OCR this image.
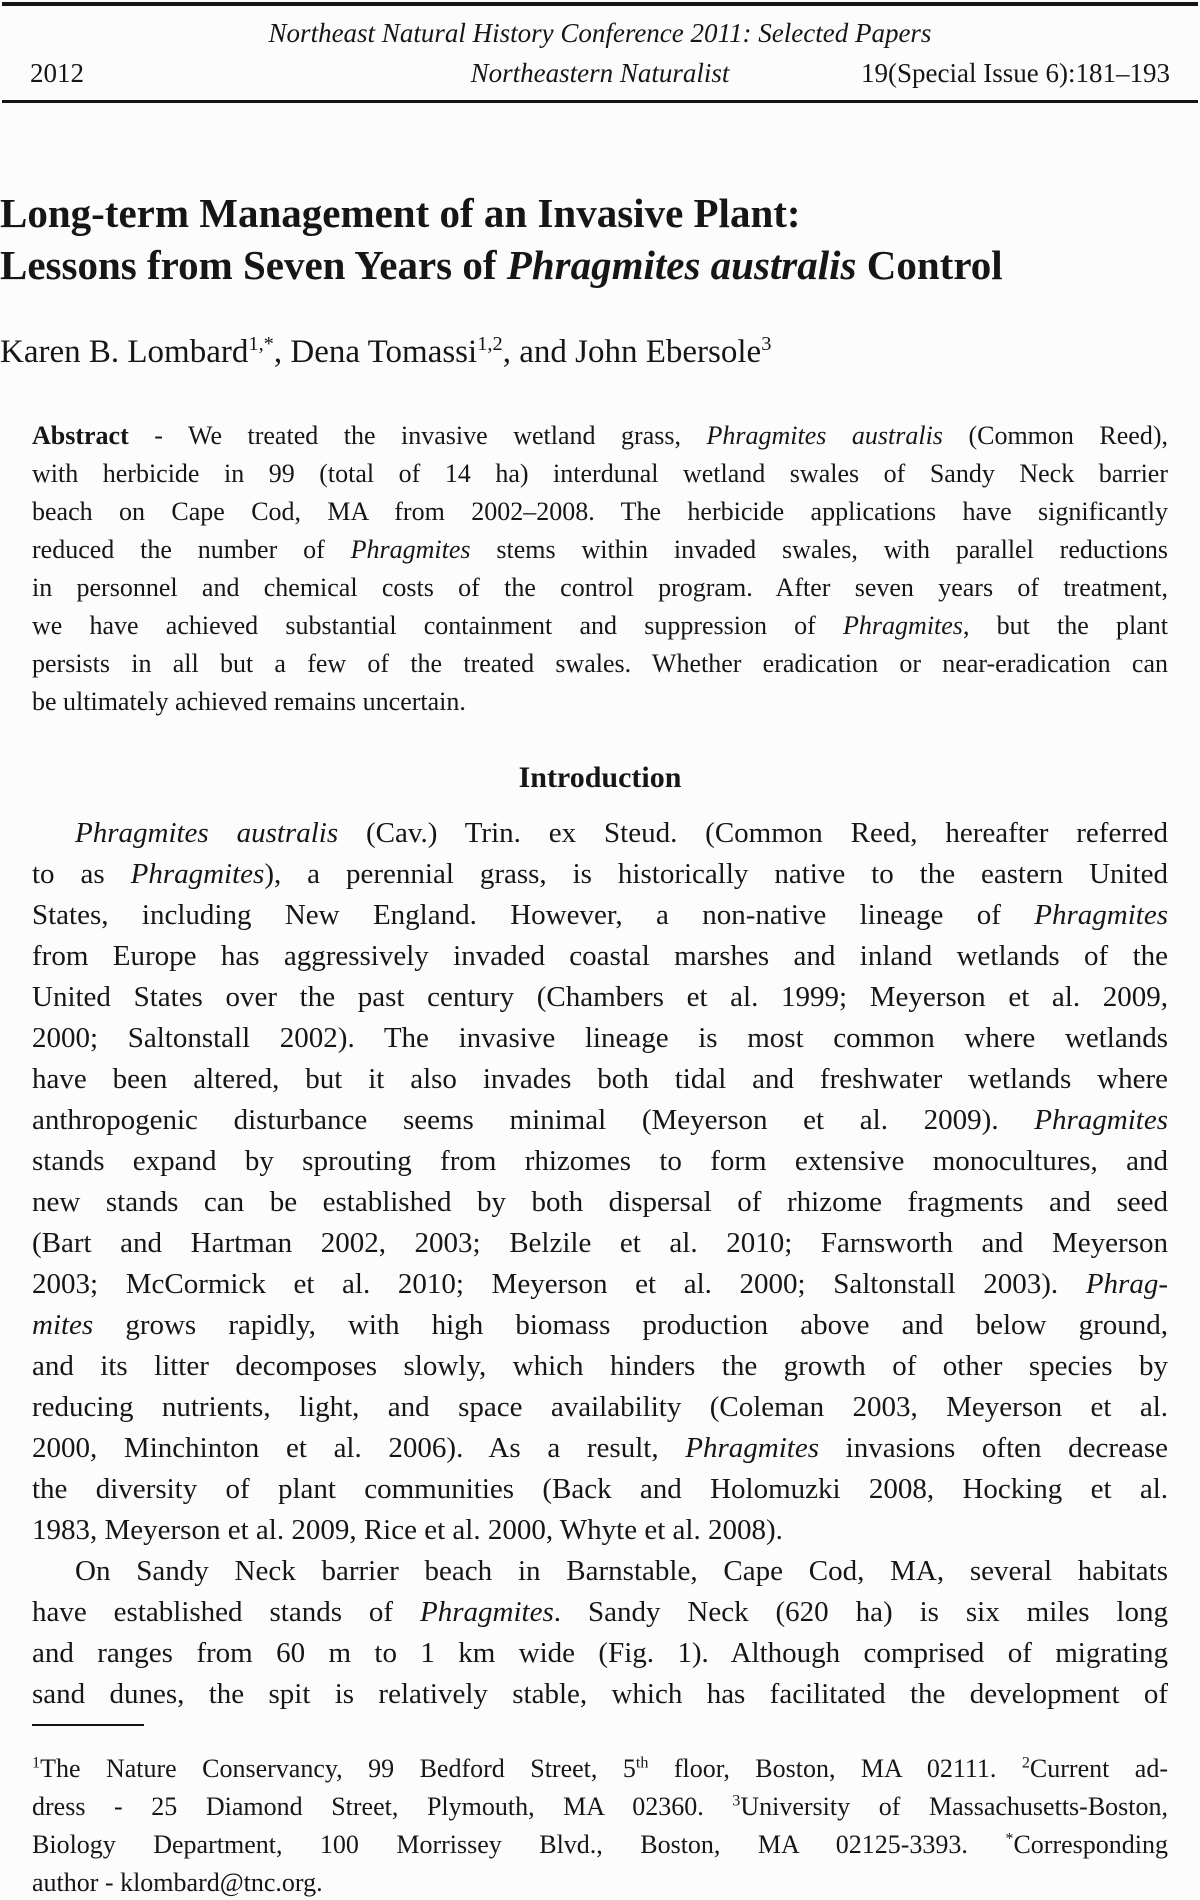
Northeast Natural History Conference 2011: Selected Papers
2012	Northeastern Naturalist	19(Special Issue 6):181–193
Long-term Management of an Invasive Plant:
Lessons from Seven Years of Phragmites australis Control
Karen B. Lombard$^{1,*}$, Dena Tomassi$^{1,2}$, and John Ebersole$^3$
Abstract - We treated the invasive wetland grass, Phragmites australis (Common Reed),
with herbicide in 99 (total of 14 ha) interdunal wetland swales of Sandy Neck barrier
beach on Cape Cod, MA from 2002–2008. The herbicide applications have significantly
reduced the number of Phragmites stems within invaded swales, with parallel reductions
in personnel and chemical costs of the control program. After seven years of treatment,
we have achieved substantial containment and suppression of Phragmites, but the plant
persists in all but a few of the treated swales. Whether eradication or near-eradication can
be ultimately achieved remains uncertain.
Introduction
Phragmites australis (Cav.) Trin. ex Steud. (Common Reed, hereafter referred
to as Phragmites), a perennial grass, is historically native to the eastern United
States, including New England. However, a non-native lineage of Phragmites
from Europe has aggressively invaded coastal marshes and inland wetlands of the
United States over the past century (Chambers et al. 1999; Meyerson et al. 2009,
2000; Saltonstall 2002). The invasive lineage is most common where wetlands
have been altered, but it also invades both tidal and freshwater wetlands where
anthropogenic disturbance seems minimal (Meyerson et al. 2009). Phragmites
stands expand by sprouting from rhizomes to form extensive monocultures, and
new stands can be established by both dispersal of rhizome fragments and seed
(Bart and Hartman 2002, 2003; Belzile et al. 2010; Farnsworth and Meyerson
2003; McCormick et al. 2010; Meyerson et al. 2000; Saltonstall 2003). Phrag-
mites grows rapidly, with high biomass production above and below ground,
and its litter decomposes slowly, which hinders the growth of other species by
reducing nutrients, light, and space availability (Coleman 2003, Meyerson et al.
2000, Minchinton et al. 2006). As a result, Phragmites invasions often decrease
the diversity of plant communities (Back and Holomuzki 2008, Hocking et al.
1983, Meyerson et al. 2009, Rice et al. 2000, Whyte et al. 2008).
On Sandy Neck barrier beach in Barnstable, Cape Cod, MA, several habitats
have established stands of Phragmites. Sandy Neck (620 ha) is six miles long
and ranges from 60 m to 1 km wide (Fig. 1). Although comprised of migrating
sand dunes, the spit is relatively stable, which has facilitated the development of
$^1$The Nature Conservancy, 99 Bedford Street, 5th floor, Boston, MA 02111. $^2$Current ad-
dress - 25 Diamond Street, Plymouth, MA 02360. $^3$University of Massachusetts-Boston,
Biology Department, 100 Morrissey Blvd., Boston, MA 02125-3393. *Corresponding
author - klombard@tnc.org.
